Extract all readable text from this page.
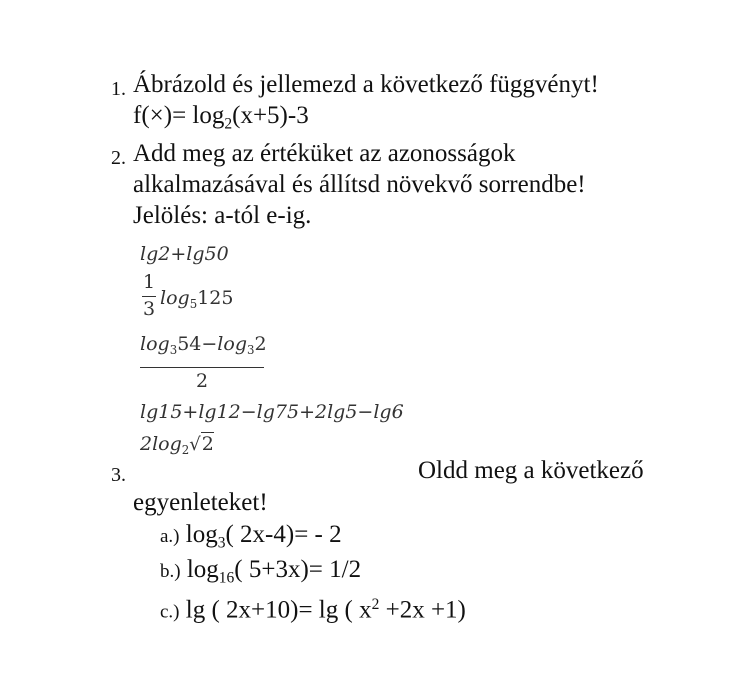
1. Ábrázold és jellemezd a következő függvényt!
$f(\times)= \log_2(x+5)-3$
2. Add meg az értéküket az azonosságok
alkalmazásával és állítsd növekvő sorrendbe!
Jelölés: a-tól e-ig.
lg2+lg50
1
3 $\log_5125$
$\log_354-\log_32$
2
lg15+lg12−lg75+2lg5−lg6
$2\log_2√2$
3.	Oldd meg a következő
egyenleteket!
a.) $\log_3$( 2x-4)= - 2
b.) $\log_{16}$( 5+3x)= 1/2
c.) lg ( 2x+10)= lg ( $x^2 +2x +1$)
